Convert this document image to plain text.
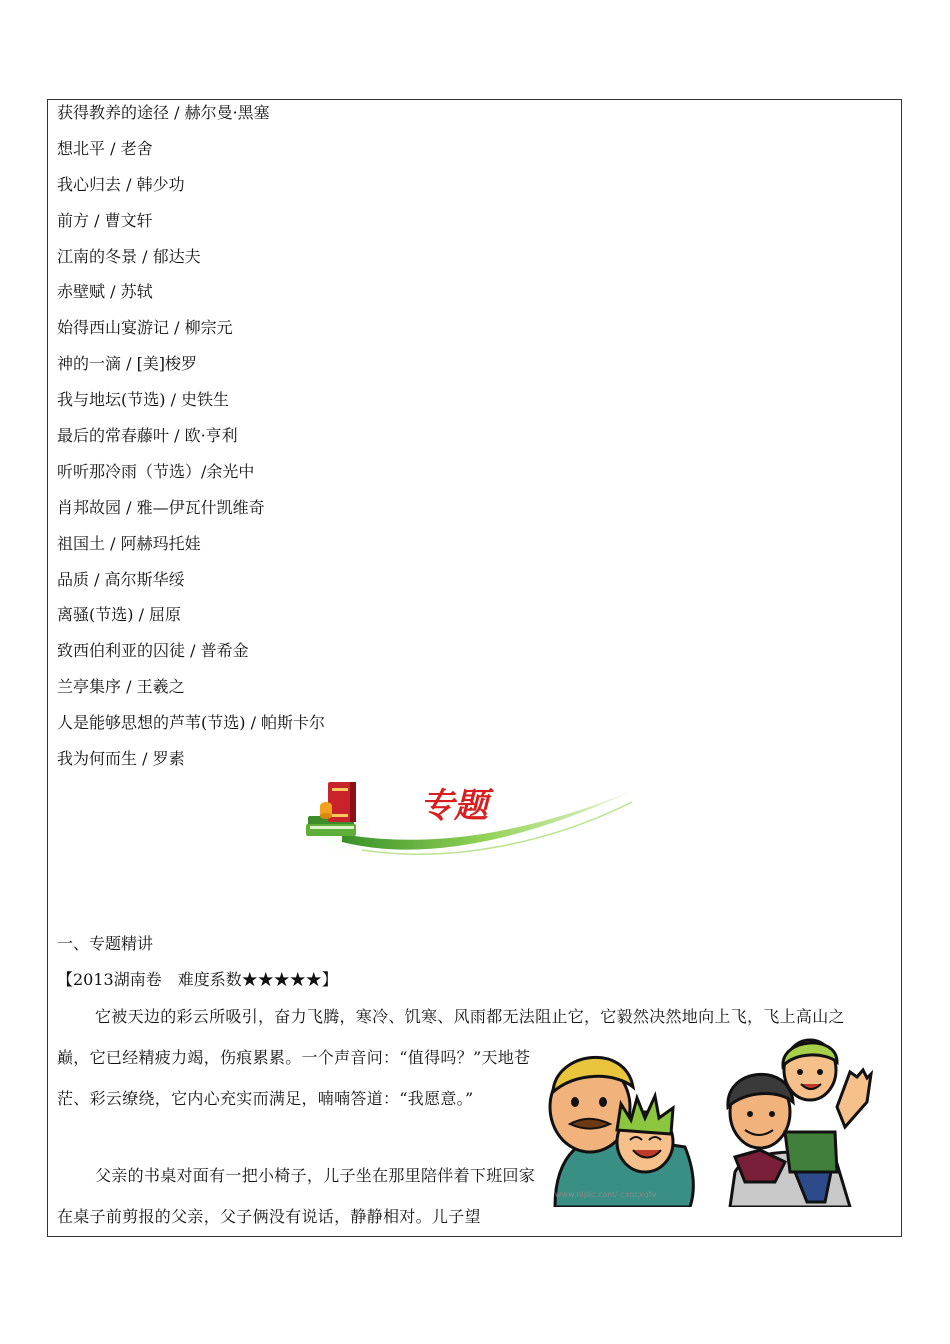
获得教养的途径 / 赫尔曼·黑塞
想北平 / 老舍
我心归去 / 韩少功
前方 / 曹文轩
江南的冬景 / 郁达夫
赤壁赋 / 苏轼
始得西山宴游记 / 柳宗元
神的一滴 / [美]梭罗
我与地坛(节选) / 史铁生
最后的常春藤叶 / 欧·亨利
听听那冷雨（节选）/余光中
肖邦故园 / 雅—伊瓦什凯维奇
祖国土 / 阿赫玛托娃
品质 / 高尔斯华绥
离骚(节选) / 屈原
致西伯利亚的囚徒 / 普希金
兰亭集序 / 王羲之
人是能够思想的芦苇(节选) / 帕斯卡尔
我为何而生 / 罗素
专题
一、专题精讲
【2013湖南卷　难度系数★★★★★】

它被天边的彩云所吸引，奋力飞腾，寒冷、饥寒、风雨都无法阻止它，它毅然决然地向上飞，飞上高山之

巅，它已经精疲力竭，伤痕累累。一个声音问：“值得吗？”天地苍茫、彩云缭绕，它内心充实而满足，喃喃答道：“我愿意。”

父亲的书桌对面有一把小椅子，儿子坐在那里陪伴着下班回家在桌子前剪报的父亲，父子俩没有说话，静静相对。儿子望

www.nipic.com/ cxqcxqtv
